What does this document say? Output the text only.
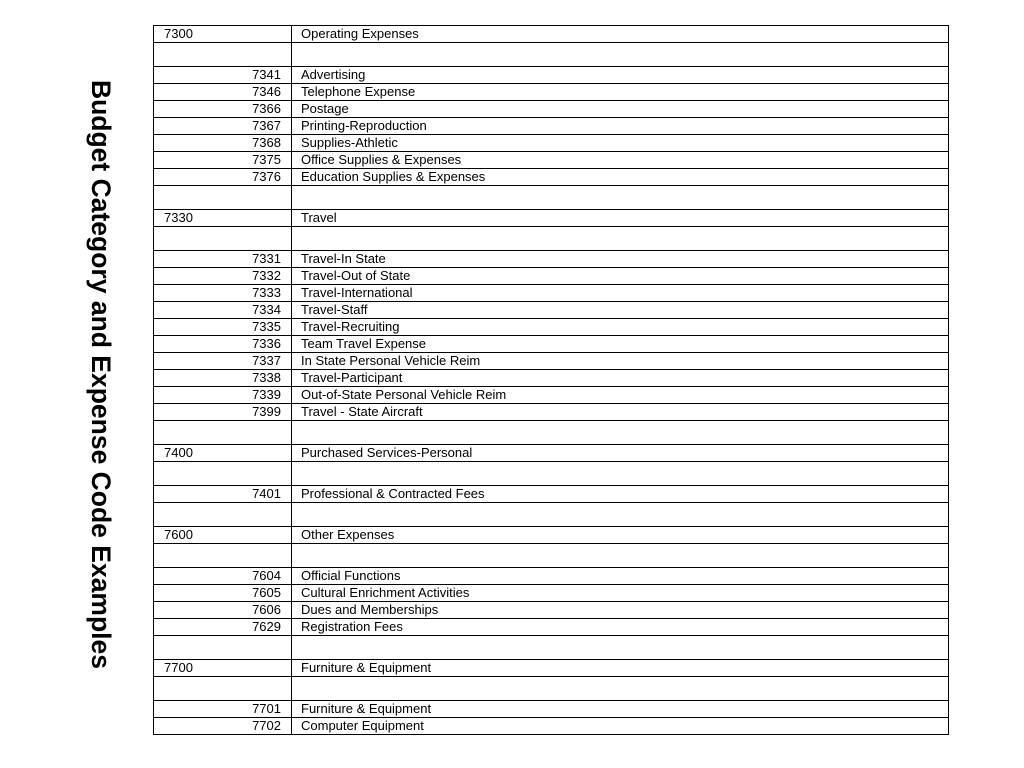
Budget Category and Expense Code Examples
7300	Operating Expenses

7341	Advertising
7346	Telephone Expense
7366	Postage
7367	Printing-Reproduction
7368	Supplies-Athletic
7375	Office Supplies & Expenses
7376	Education Supplies & Expenses

7330	Travel

7331	Travel-In State
7332	Travel-Out of State
7333	Travel-International
7334	Travel-Staff
7335	Travel-Recruiting
7336	Team Travel Expense
7337	In State Personal Vehicle Reim
7338	Travel-Participant
7339	Out-of-State Personal Vehicle Reim
7399	Travel - State Aircraft

7400	Purchased Services-Personal

7401	Professional & Contracted Fees

7600	Other Expenses

7604	Official Functions
7605	Cultural Enrichment Activities
7606	Dues and Memberships
7629	Registration Fees

7700	Furniture & Equipment

7701	Furniture & Equipment
7702	Computer Equipment
